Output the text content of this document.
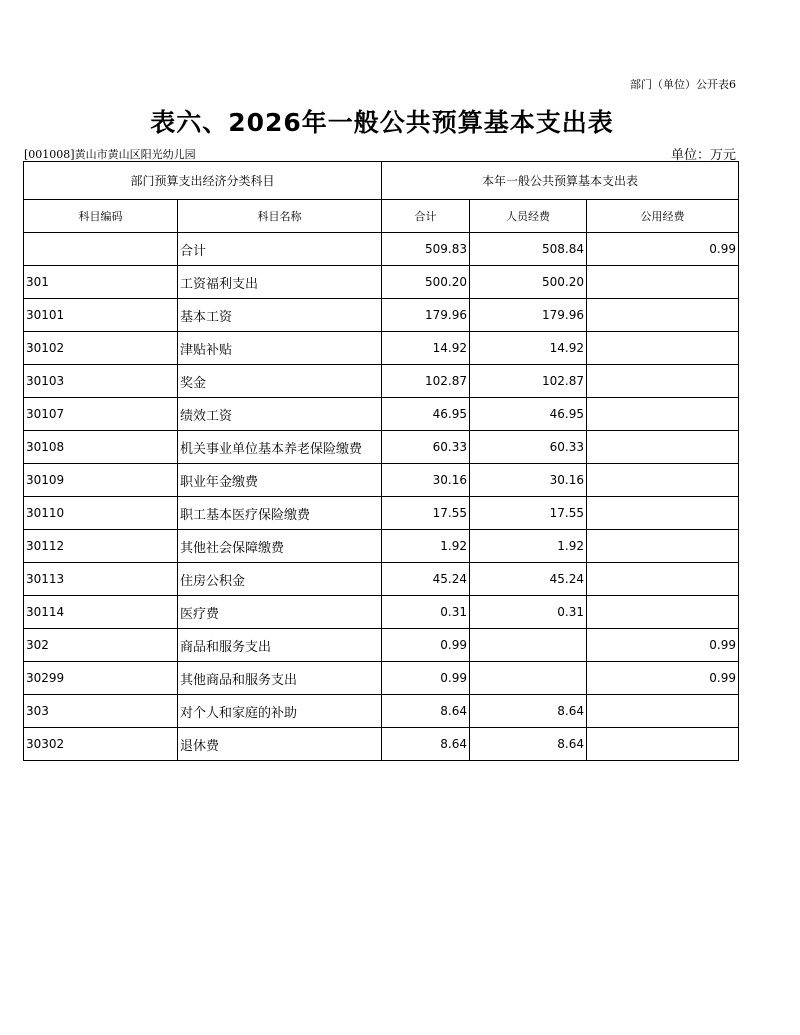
部门（单位）公开表6
表六、2026年一般公共预算基本支出表
[001008]黄山市黄山区阳光幼儿园	单位：万元
部门预算支出经济分类科目		本年一般公共预算基本支出表		
科目编码	科目名称	合计	人员经费	公用经费
	合计	509.83	508.84	0.99
301	工资福利支出	500.20	500.20	
30101	基本工资	179.96	179.96	
30102	津贴补贴	14.92	14.92	
30103	奖金	102.87	102.87	
30107	绩效工资	46.95	46.95	
30108	机关事业单位基本养老保险缴费	60.33	60.33	
30109	职业年金缴费	30.16	30.16	
30110	职工基本医疗保险缴费	17.55	17.55	
30112	其他社会保障缴费	1.92	1.92	
30113	住房公积金	45.24	45.24	
30114	医疗费	0.31	0.31	
302	商品和服务支出	0.99		0.99
30299	其他商品和服务支出	0.99		0.99
303	对个人和家庭的补助	8.64	8.64	
30302	退休费	8.64	8.64	
